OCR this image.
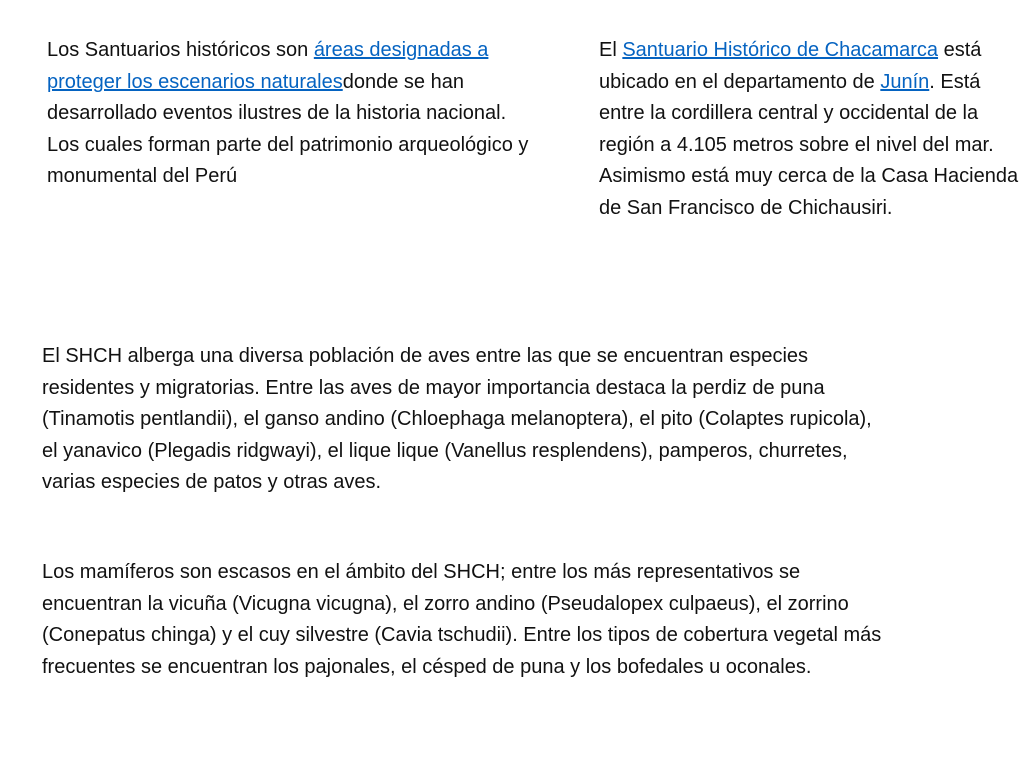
Los Santuarios históricos son áreas designadas a proteger los escenarios naturalesdonde se han desarrollado eventos ilustres de la historia nacional. Los cuales forman parte del patrimonio arqueológico y monumental del Perú

El Santuario Histórico de Chacamarca está ubicado en el departamento de Junín. Está entre la cordillera central y occidental de la región a 4.105 metros sobre el nivel del mar. Asimismo está muy cerca de la Casa Hacienda de San Francisco de Chichausiri.

El SHCH alberga una diversa población de aves entre las que se encuentran especies residentes y migratorias. Entre las aves de mayor importancia destaca la perdiz de puna (Tinamotis pentlandii), el ganso andino (Chloephaga melanoptera), el pito (Colaptes rupicola), el yanavico (Plegadis ridgwayi), el lique lique (Vanellus resplendens), pamperos, churretes, varias especies de patos y otras aves.

Los mamíferos son escasos en el ámbito del SHCH; entre los más representativos se encuentran la vicuña (Vicugna vicugna), el zorro andino (Pseudalopex culpaeus), el zorrino (Conepatus chinga) y el cuy silvestre (Cavia tschudii). Entre los tipos de cobertura vegetal más frecuentes se encuentran los pajonales, el césped de puna y los bofedales u oconales.
